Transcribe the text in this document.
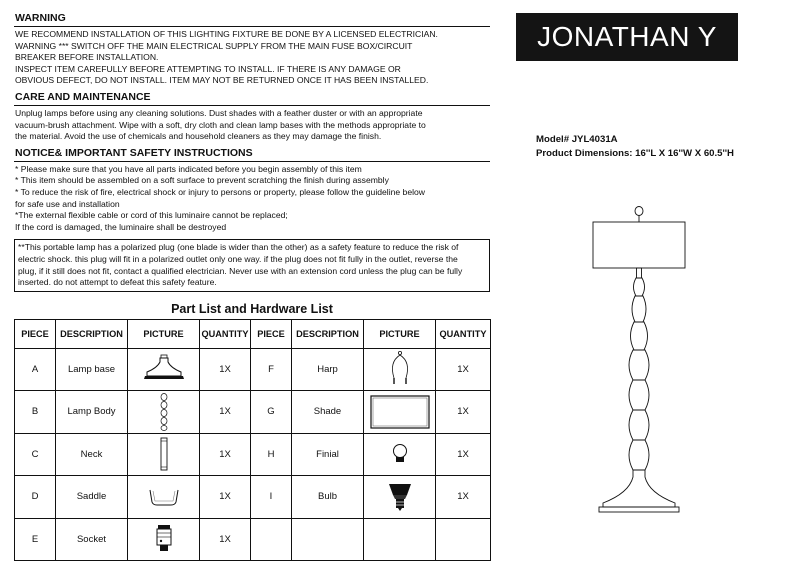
WARNING
WE RECOMMEND INSTALLATION OF THIS LIGHTING FIXTURE BE DONE BY A LICENSED ELECTRICIAN.
WARNING *** SWITCH OFF THE MAIN ELECTRICAL SUPPLY FROM THE MAIN FUSE BOX/CIRCUIT
BREAKER BEFORE INSTALLATION.
INSPECT ITEM CAREFULLY BEFORE ATTEMPTING TO INSTALL. IF THERE IS ANY DAMAGE OR
OBVIOUS DEFECT, DO NOT INSTALL. ITEM MAY NOT BE RETURNED ONCE IT HAS BEEN INSTALLED.
CARE AND MAINTENANCE
Unplug lamps before using any cleaning solutions. Dust shades with a feather duster or with an appropriate
vacuum-brush attachment. Wipe with a soft, dry cloth and clean lamp bases with the methods appropriate to
the material. Avoid the use of chemicals and household cleaners as they may damage the finish.
NOTICE& IMPORTANT SAFETY INSTRUCTIONS
* Please make sure that you have all parts indicated before you begin assembly of this item
* This item should be assembled on a soft surface to prevent scratching the finish during assembly
* To reduce the risk of fire, electrical shock or injury to persons or property, please follow the guideline below
for safe use and installation
*The external flexible cable or cord of this luminaire cannot be replaced;
If the cord is damaged, the luminaire shall be destroyed
**This portable lamp has a polarized plug (one blade is wider than the other) as a safety feature to reduce the risk of
electric shock. this plug will fit in a polarized outlet only one way. if the plug does not fit fully in the outlet, reverse the
plug, if it still does not fit, contact a qualified electrician. Never use with an extension cord unless the plug can be fully
inserted. do not attempt to defeat this safety feature.
Part List and Hardware List
PIECE	DESCRIPTION	PICTURE	QUANTITY	PIECE	DESCRIPTION	PICTURE	QUANTITY
A	Lamp base		1X	F	Harp		1X
B	Lamp Body		1X	G	Shade		1X
C	Neck		1X	H	Finial		1X
D	Saddle		1X	I	Bulb		1X
E	Socket		1X				
JONATHAN Y
Model# JYL4031A
Product Dimensions: 16''L X 16''W X 60.5''H
